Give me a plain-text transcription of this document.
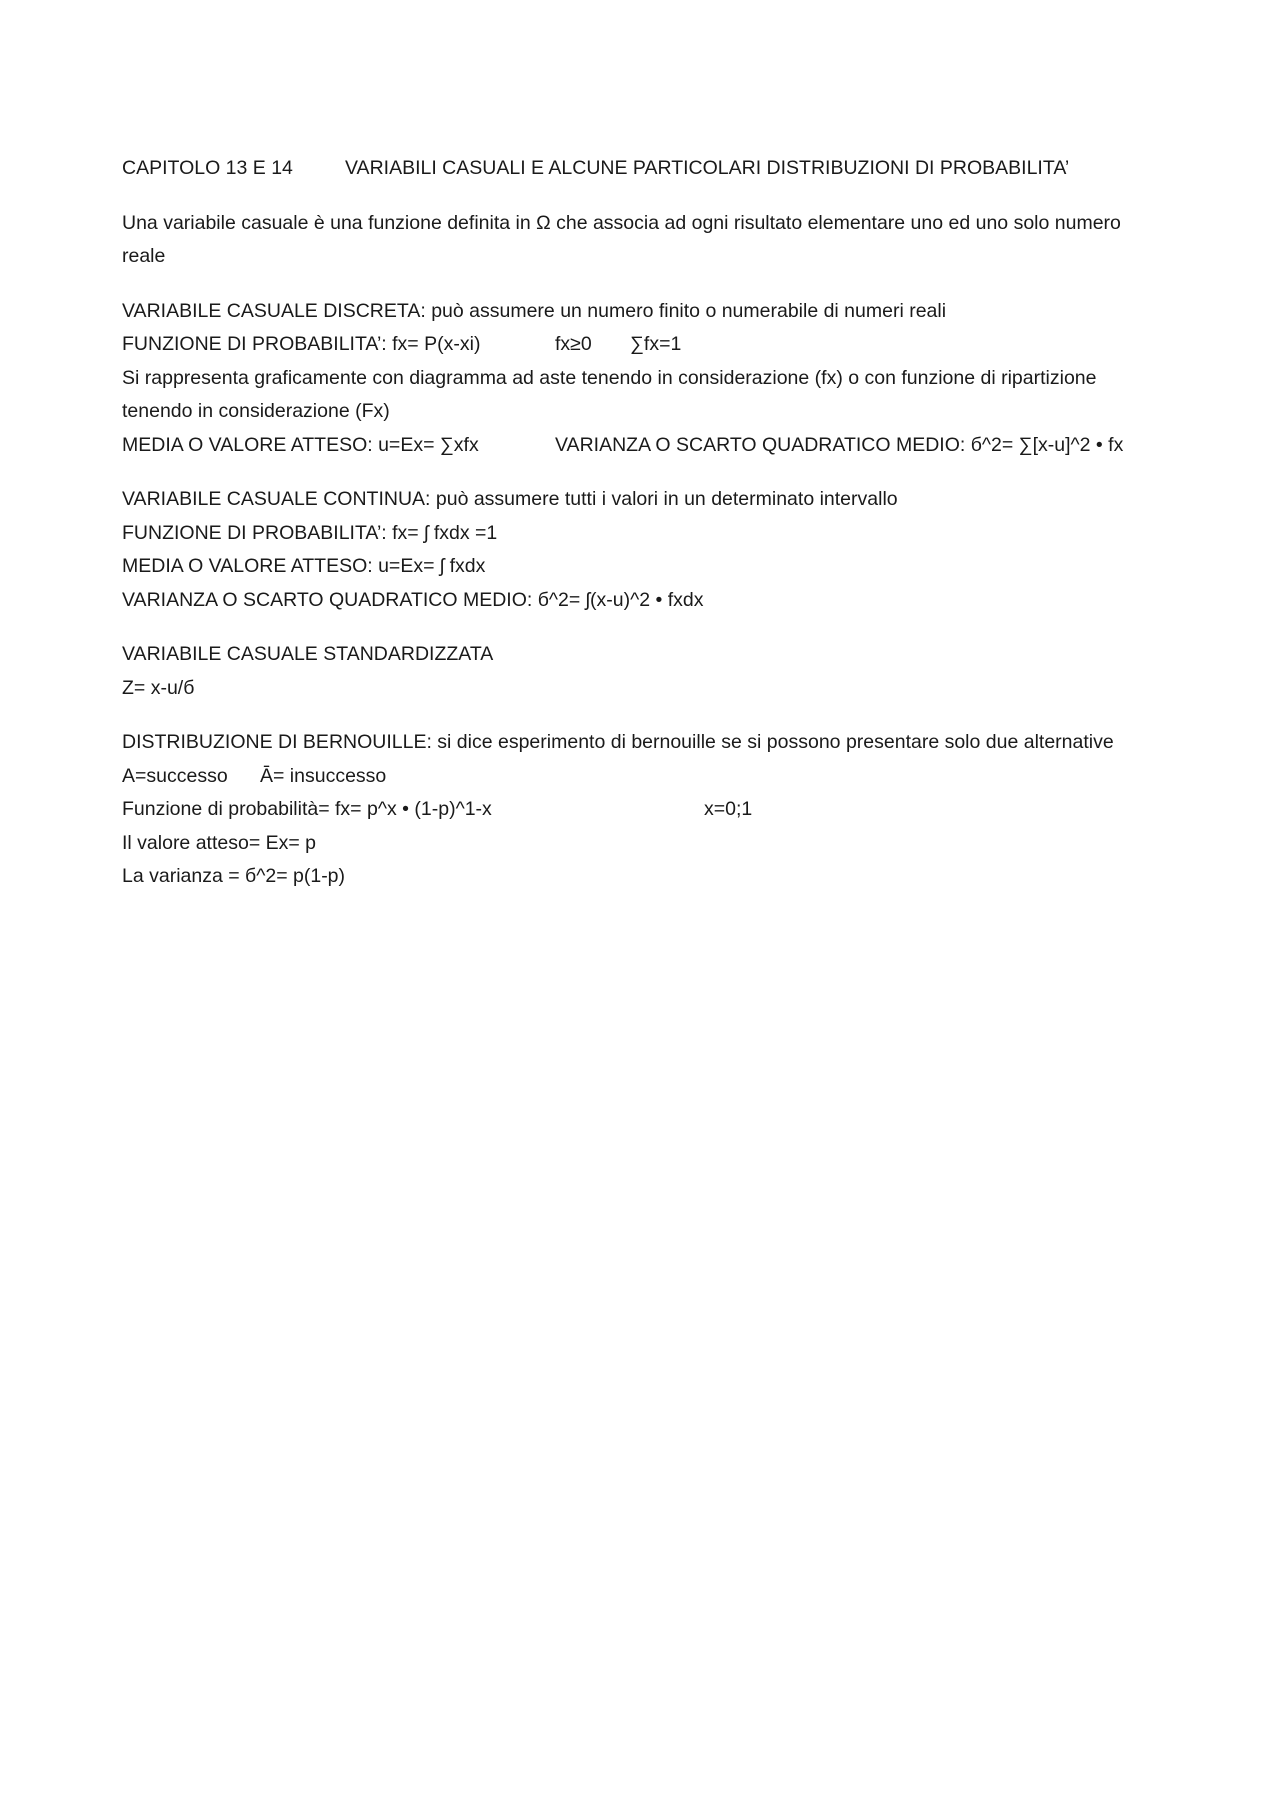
CAPITOLO 13 E 14	VARIABILI CASUALI E ALCUNE PARTICOLARI DISTRIBUZIONI DI PROBABILITA’
Una variabile casuale è una funzione definita in Ω che associa ad ogni risultato elementare uno ed uno solo numero reale
VARIABILE CASUALE DISCRETA: può assumere un numero finito o numerabile di numeri reali
FUNZIONE DI PROBABILITA’: fx= P(x-xi)	fx≥0 ∑fx=1
Si rappresenta graficamente con diagramma ad aste tenendo in considerazione (fx) o con funzione di ripartizione tenendo in considerazione (Fx)
MEDIA O VALORE ATTESO: u=Ex= ∑xfx	VARIANZA O SCARTO QUADRATICO MEDIO: б^2= ∑[x-u]^2 • fx
VARIABILE CASUALE CONTINUA: può assumere tutti i valori in un determinato intervallo
FUNZIONE DI PROBABILITA’: fx= ʃ fxdx =1
MEDIA O VALORE ATTESO: u=Ex= ʃ fxdx
VARIANZA O SCARTO QUADRATICO MEDIO: б^2= ʃ(x-u)^2 • fxdx
VARIABILE CASUALE STANDARDIZZATA
Z= x-u/б
DISTRIBUZIONE DI BERNOUILLE: si dice esperimento di bernouille se si possono presentare solo due alternative
A=successo Ā̄= insuccesso
Funzione di probabilità= fx= p^x • (1-p)^1-x	x=0;1
Il valore atteso= Ex= p
La varianza = б^2= p(1-p)
